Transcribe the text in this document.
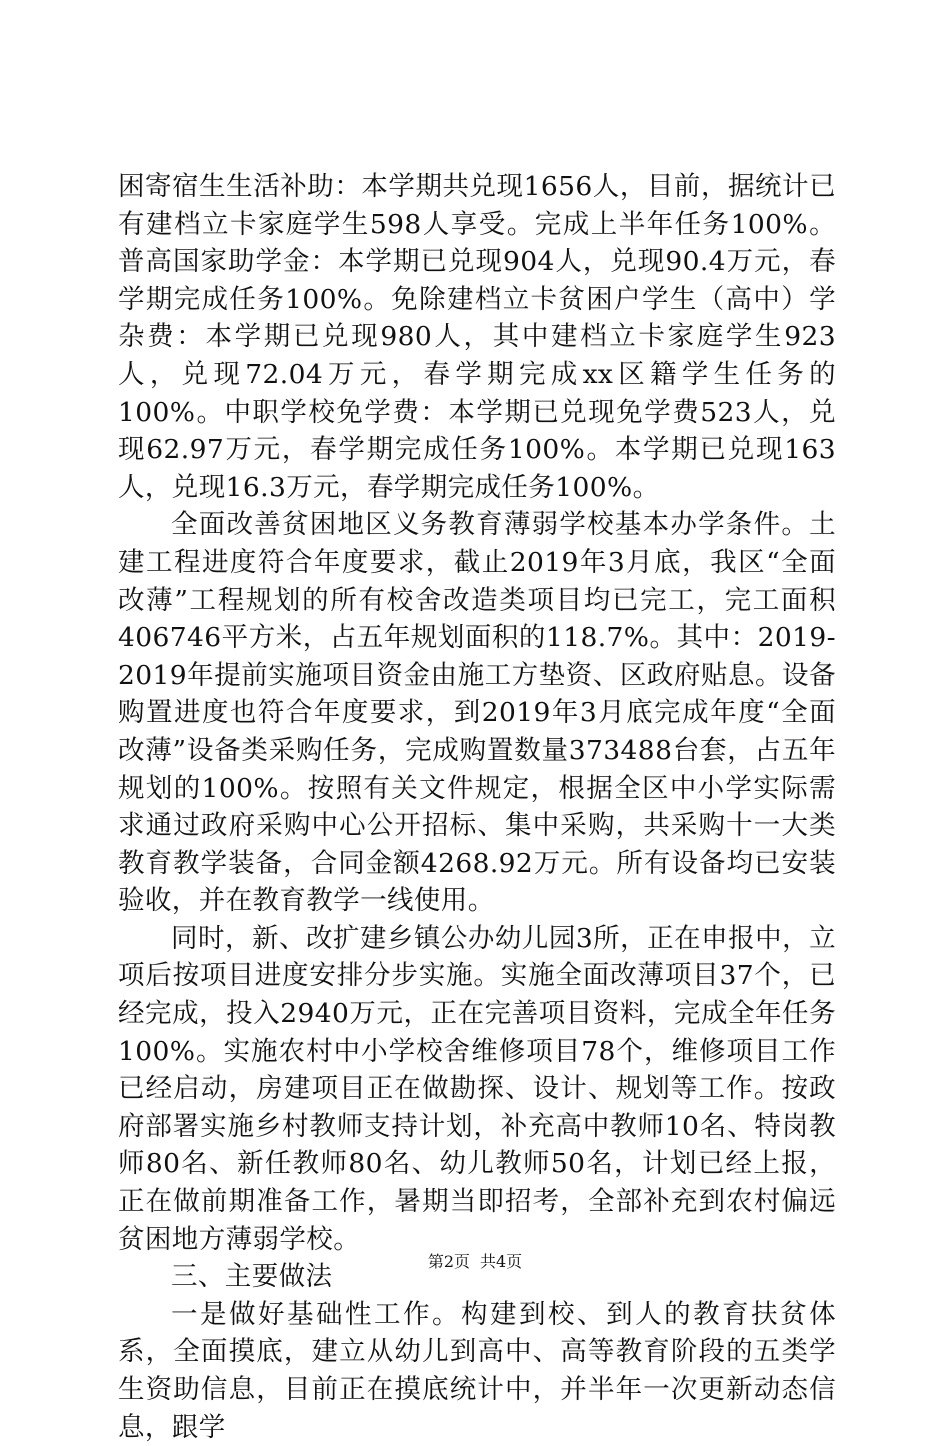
困寄宿生生活补助：本学期共兑现1656人，目前，据统计已有建档立卡家庭学生598人享受。完成上半年任务100%。普高国家助学金：本学期已兑现904人，兑现90.4万元，春学期完成任务100%。免除建档立卡贫困户学生（高中）学杂费：本学期已兑现980人，其中建档立卡家庭学生923人，兑现72.04万元，春学期完成xx区籍学生任务的100%。中职学校免学费：本学期已兑现免学费523人，兑现62.97万元，春学期完成任务100%。本学期已兑现163人，兑现16.3万元，春学期完成任务100%。

全面改善贫困地区义务教育薄弱学校基本办学条件。土建工程进度符合年度要求，截止2019年3月底，我区“全面改薄”工程规划的所有校舍改造类项目均已完工，完工面积406746平方米，占五年规划面积的118.7%。其中：2019-2019年提前实施项目资金由施工方垫资、区政府贴息。设备购置进度也符合年度要求，到2019年3月底完成年度“全面改薄”设备类采购任务，完成购置数量373488台套，占五年规划的100%。按照有关文件规定，根据全区中小学实际需求通过政府采购中心公开招标、集中采购，共采购十一大类教育教学装备，合同金额4268.92万元。所有设备均已安装验收，并在教育教学一线使用。

同时，新、改扩建乡镇公办幼儿园3所，正在申报中，立项后按项目进度安排分步实施。实施全面改薄项目37个，已经完成，投入2940万元，正在完善项目资料，完成全年任务100%。实施农村中小学校舍维修项目78个，维修项目工作已经启动，房建项目正在做勘探、设计、规划等工作。按政府部署实施乡村教师支持计划，补充高中教师10名、特岗教师80名、新任教师80名、幼儿教师50名，计划已经上报，正在做前期准备工作，暑期当即招考，全部补充到农村偏远贫困地方薄弱学校。

三、主要做法

一是做好基础性工作。构建到校、到人的教育扶贫体系，全面摸底，建立从幼儿到高中、高等教育阶段的五类学生资助信息，目前正在摸底统计中，并半年一次更新动态信息，跟学

第2页 共4页
